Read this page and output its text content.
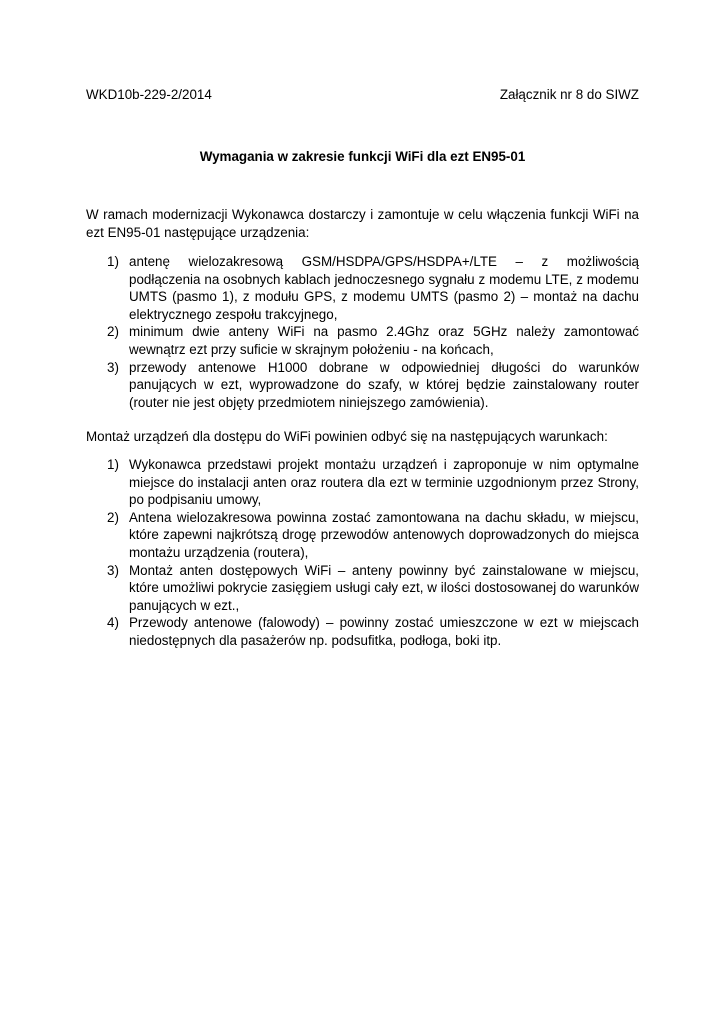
WKD10b-229-2/2014	Załącznik nr 8 do SIWZ
Wymagania w zakresie funkcji WiFi dla ezt EN95-01

W ramach modernizacji Wykonawca dostarczy i zamontuje w celu włączenia funkcji WiFi na ezt EN95-01 następujące urządzenia:

1) antenę wielozakresową GSM/HSDPA/GPS/HSDPA+/LTE – z możliwością podłączenia na osobnych kablach jednoczesnego sygnału z modemu LTE, z modemu UMTS (pasmo 1), z modułu GPS, z modemu UMTS (pasmo 2) – montaż na dachu elektrycznego zespołu trakcyjnego,
2) minimum dwie anteny WiFi na pasmo 2.4Ghz oraz 5GHz należy zamontować wewnątrz ezt przy suficie w skrajnym położeniu - na końcach,
3) przewody antenowe H1000 dobrane w odpowiedniej długości do warunków panujących w ezt, wyprowadzone do szafy, w której będzie zainstalowany router (router nie jest objęty przedmiotem niniejszego zamówienia).

Montaż urządzeń dla dostępu do WiFi powinien odbyć się na następujących warunkach:

1) Wykonawca przedstawi projekt montażu urządzeń i zaproponuje w nim optymalne miejsce do instalacji anten oraz routera dla ezt w terminie uzgodnionym przez Strony, po podpisaniu umowy,
2) Antena wielozakresowa powinna zostać zamontowana na dachu składu, w miejscu, które zapewni najkrótszą drogę przewodów antenowych doprowadzonych do miejsca montażu urządzenia (routera),
3) Montaż anten dostępowych WiFi – anteny powinny być zainstalowane w miejscu, które umożliwi pokrycie zasięgiem usługi cały ezt, w ilości dostosowanej do warunków panujących w ezt.,
4) Przewody antenowe (falowody) – powinny zostać umieszczone w ezt w miejscach niedostępnych dla pasażerów np. podsufitka, podłoga, boki itp.
